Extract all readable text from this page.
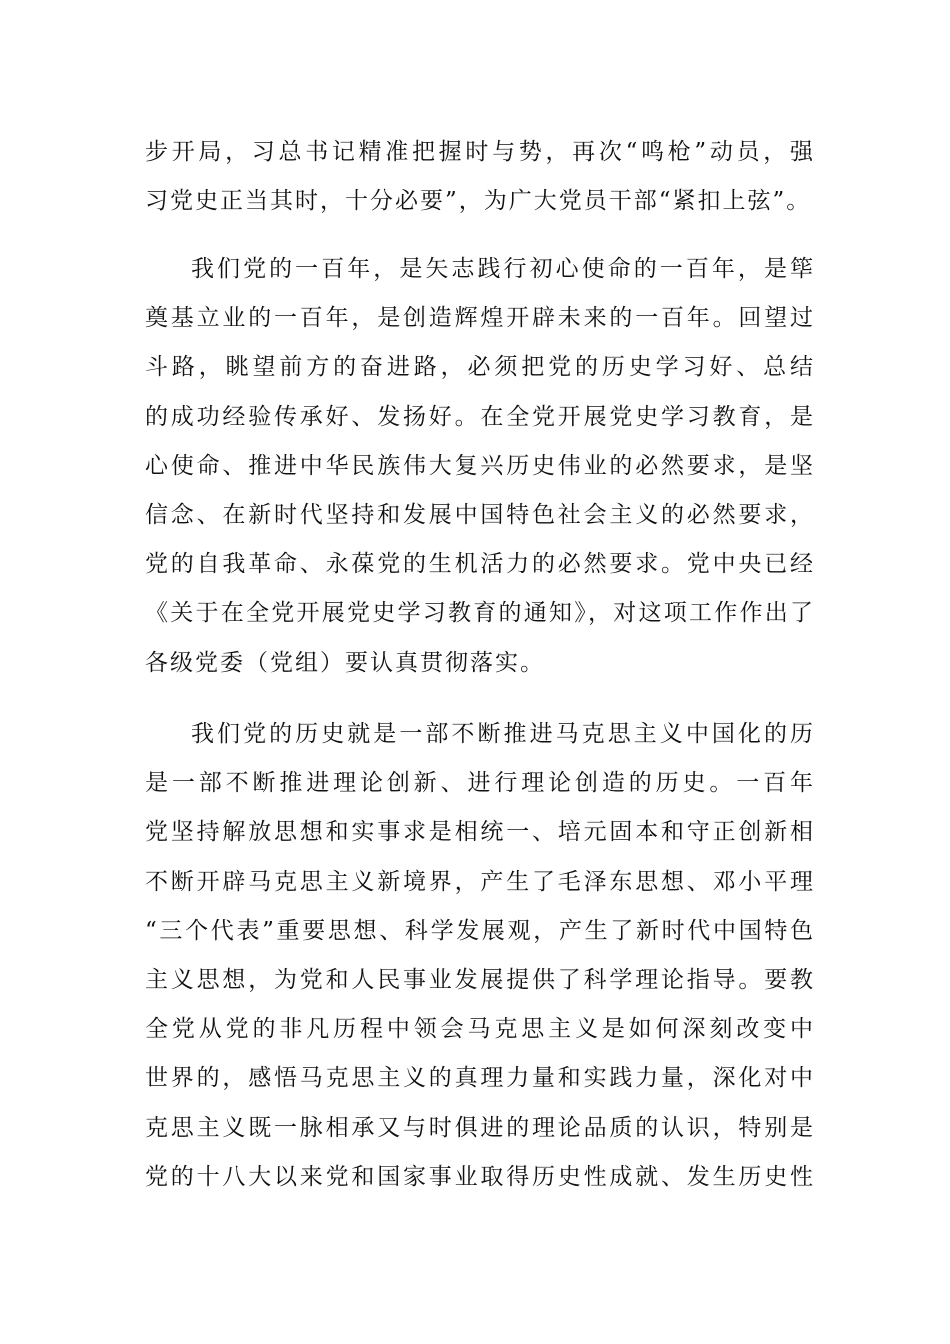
步开局，习总书记精准把握时与势，再次“鸣枪”动员，强
习党史正当其时，十分必要”，为广大党员干部“紧扣上弦”。
我们党的一百年，是矢志践行初心使命的一百年，是筚
奠基立业的一百年，是创造辉煌开辟未来的一百年。回望过
斗路，眺望前方的奋进路，必须把党的历史学习好、总结
的成功经验传承好、发扬好。在全党开展党史学习教育，是
心使命、推进中华民族伟大复兴历史伟业的必然要求，是坚
信念、在新时代坚持和发展中国特色社会主义的必然要求，
党的自我革命、永葆党的生机活力的必然要求。党中央已经
《关于在全党开展党史学习教育的通知》，对这项工作作出了
各级党委（党组）要认真贯彻落实。
我们党的历史就是一部不断推进马克思主义中国化的历
是一部不断推进理论创新、进行理论创造的历史。一百年
党坚持解放思想和实事求是相统一、培元固本和守正创新相
不断开辟马克思主义新境界，产生了毛泽东思想、邓小平理
“三个代表”重要思想、科学发展观，产生了新时代中国特色
主义思想，为党和人民事业发展提供了科学理论指导。要教
全党从党的非凡历程中领会马克思主义是如何深刻改变中
世界的，感悟马克思主义的真理力量和实践力量，深化对中
克思主义既一脉相承又与时俱进的理论品质的认识，特别是
党的十八大以来党和国家事业取得历史性成就、发生历史性
